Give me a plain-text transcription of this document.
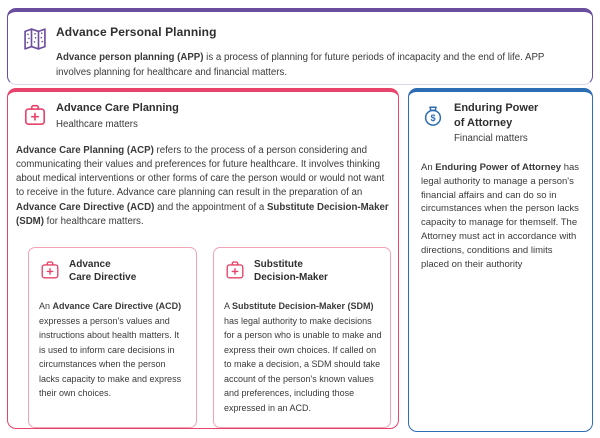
Advance Personal Planning
Advance person planning (APP) is a process of planning for future periods of incapacity and the end of life. APP involves planning for healthcare and financial matters.
Advance Care Planning
Healthcare matters
Advance Care Planning (ACP) refers to the process of a person considering and communicating their values and preferences for future healthcare. It involves thinking about medical interventions or other forms of care the person would or would not want to receive in the future. Advance care planning can result in the preparation of an Advance Care Directive (ACD) and the appointment of a Substitute Decision-Maker (SDM) for healthcare matters.
Advance
Care Directive
An Advance Care Directive (ACD) expresses a person's values and instructions about health matters. It is used to inform care decisions in circumstances when the person lacks capacity to make and express their own choices.
Substitute
Decision-Maker
A Substitute Decision-Maker (SDM) has legal authority to make decisions for a person who is unable to make and express their own choices. If called on to make a decision, a SDM should take account of the person's known values and preferences, including those expressed in an ACD.
$
Enduring Power
of Attorney
Financial matters
An Enduring Power of Attorney has legal authority to manage a person's financial affairs and can do so in circumstances when the person lacks capacity to manage for themself. The Attorney must act in accordance with directions, conditions and limits placed on their authority
